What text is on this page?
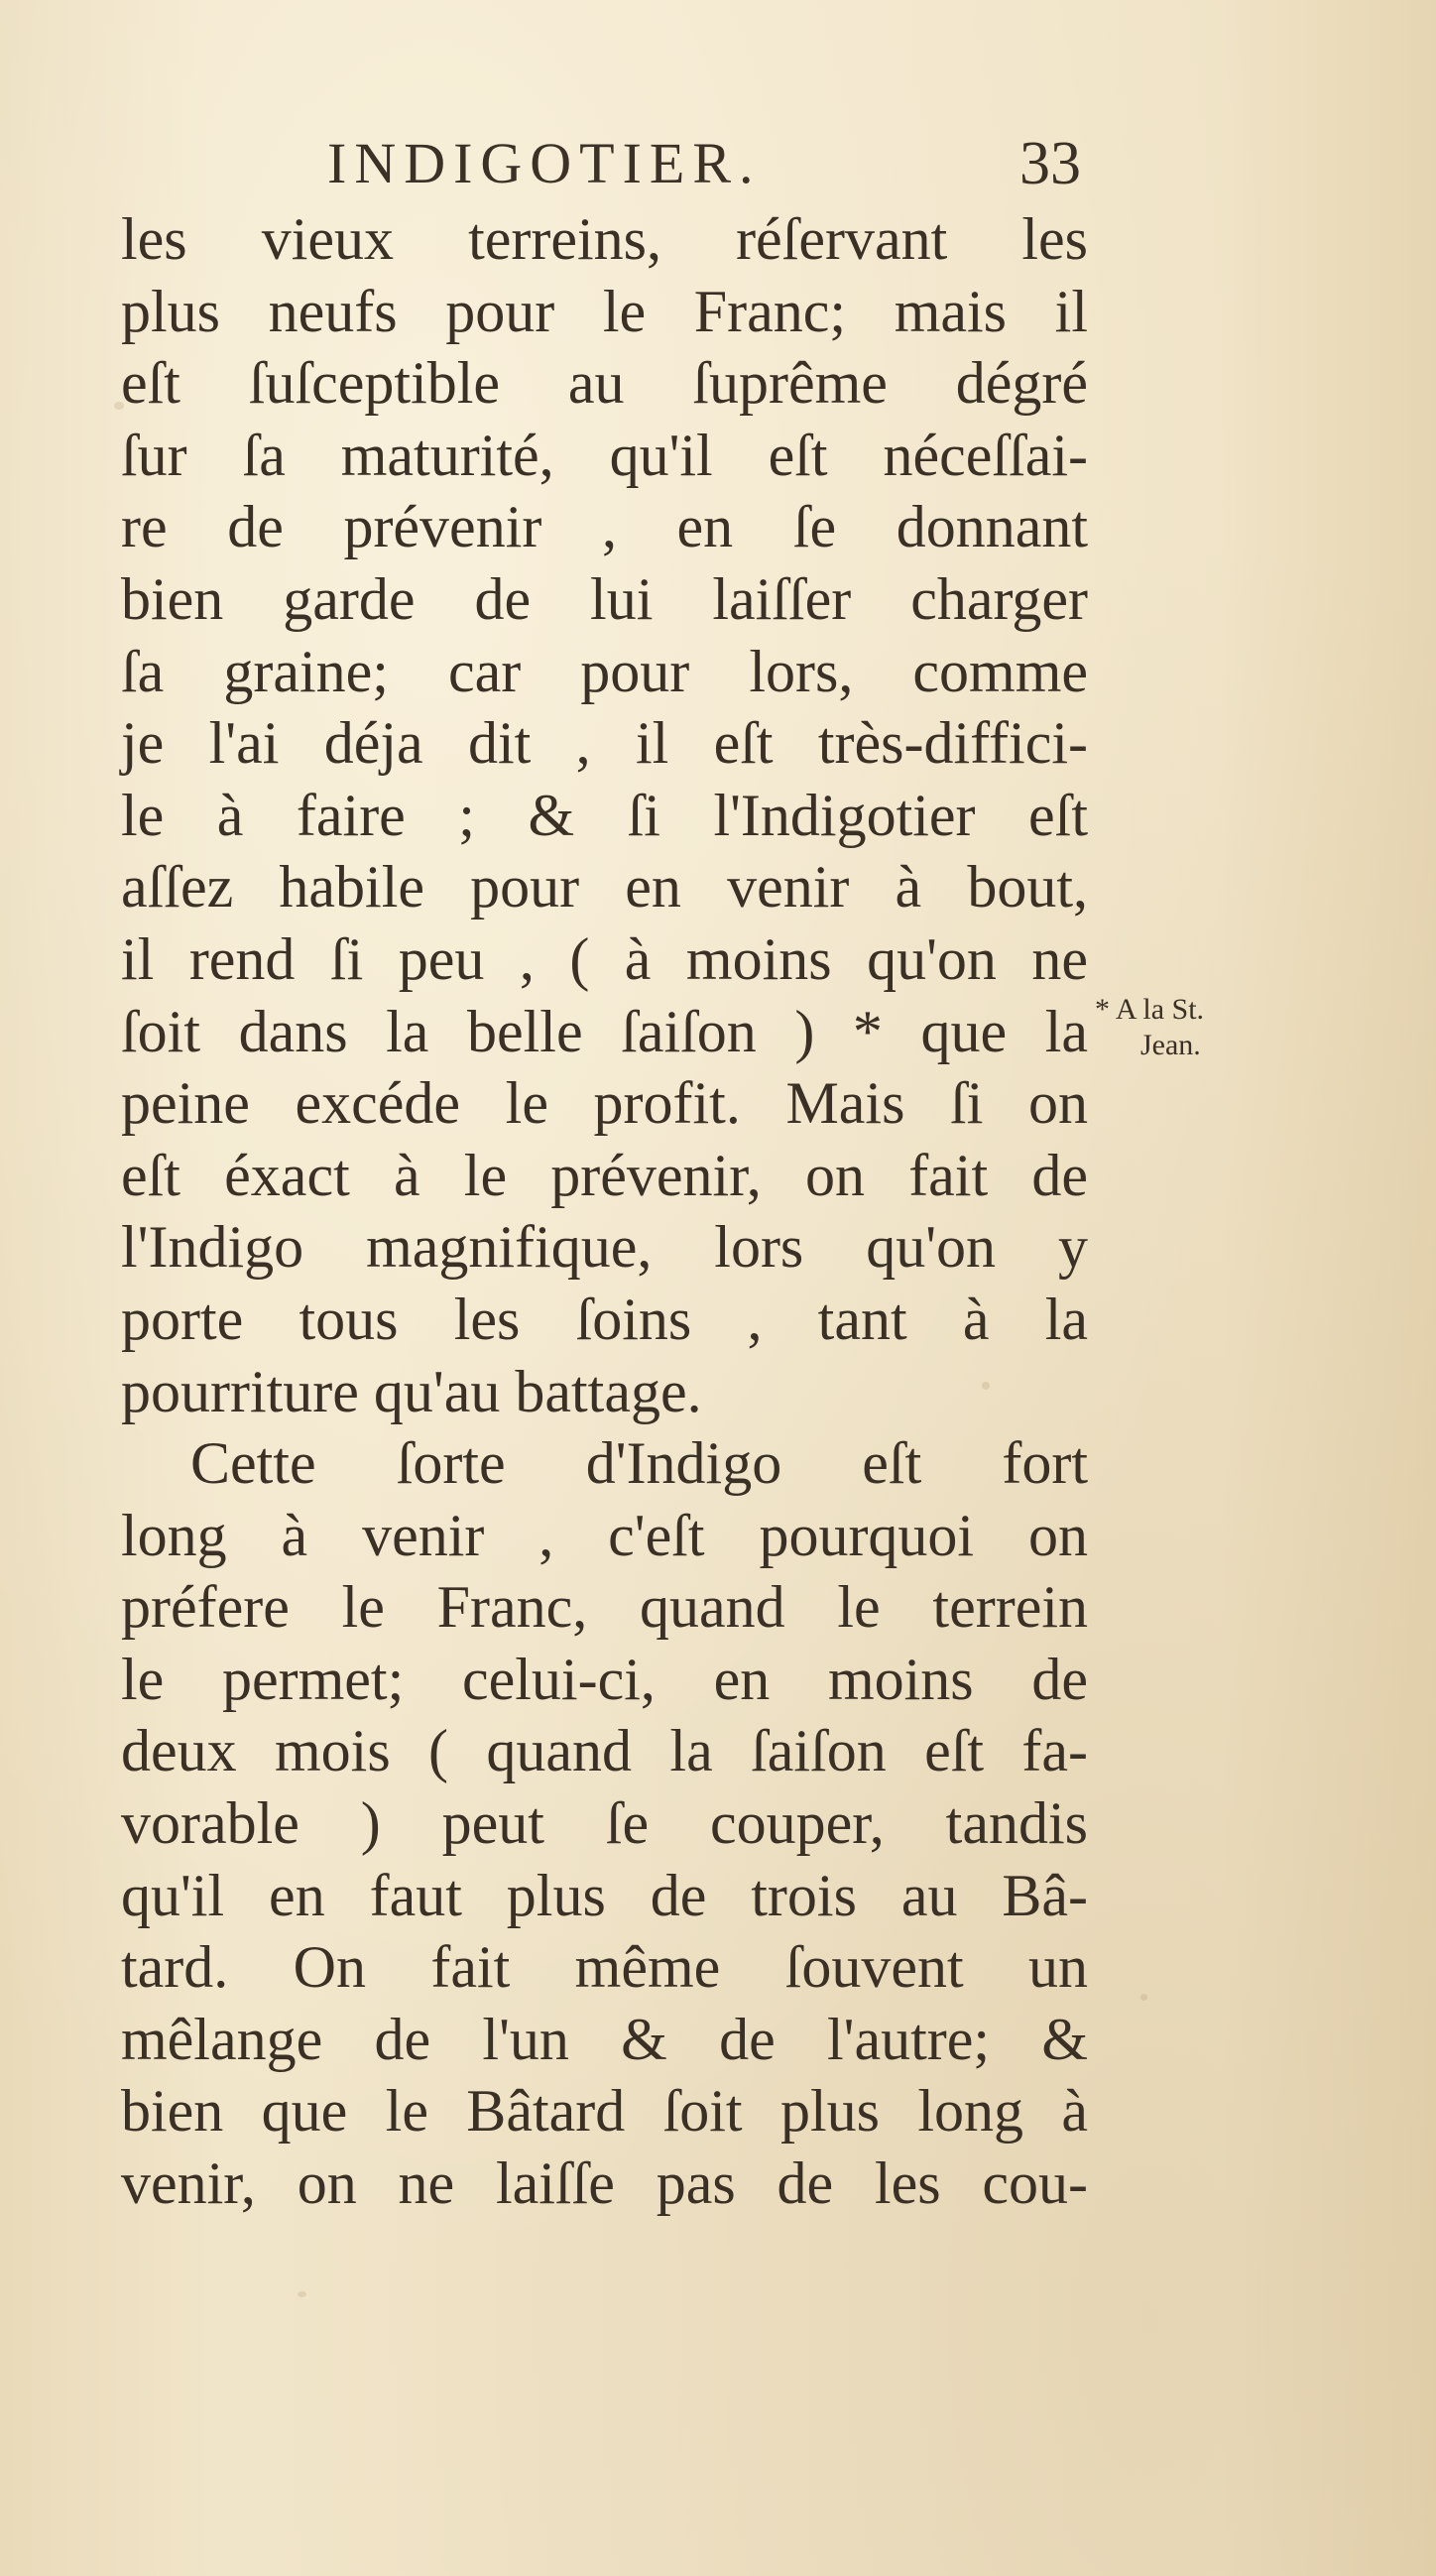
INDIGOTIER.	33
les vieux terreins, réſervant les
plus neufs pour le Franc; mais il
eſt ſuſceptible au ſuprême dégré
ſur ſa maturité, qu'il eſt néceſſai-
re de prévenir , en ſe donnant
bien garde de lui laiſſer charger
ſa graine; car pour lors, comme
je l'ai déja dit , il eſt très-diffici-
le à faire ; & ſi l'Indigotier eſt
aſſez habile pour en venir à bout,
il rend ſi peu , ( à moins qu'on ne
ſoit dans la belle ſaiſon ) * que la
peine excéde le profit. Mais ſi on
eſt éxact à le prévenir, on fait de
l'Indigo magnifique, lors qu'on y
porte tous les ſoins , tant à la
pourriture qu'au battage.
Cette ſorte d'Indigo eſt fort
long à venir , c'eſt pourquoi on
préfere le Franc, quand le terrein
le permet; celui-ci, en moins de
deux mois ( quand la ſaiſon eſt fa-
vorable ) peut ſe couper, tandis
qu'il en faut plus de trois au Bâ-
tard. On fait même ſouvent un
mêlange de l'un & de l'autre; &
bien que le Bâtard ſoit plus long à
venir, on ne laiſſe pas de les cou-
* A la St.
Jean.
